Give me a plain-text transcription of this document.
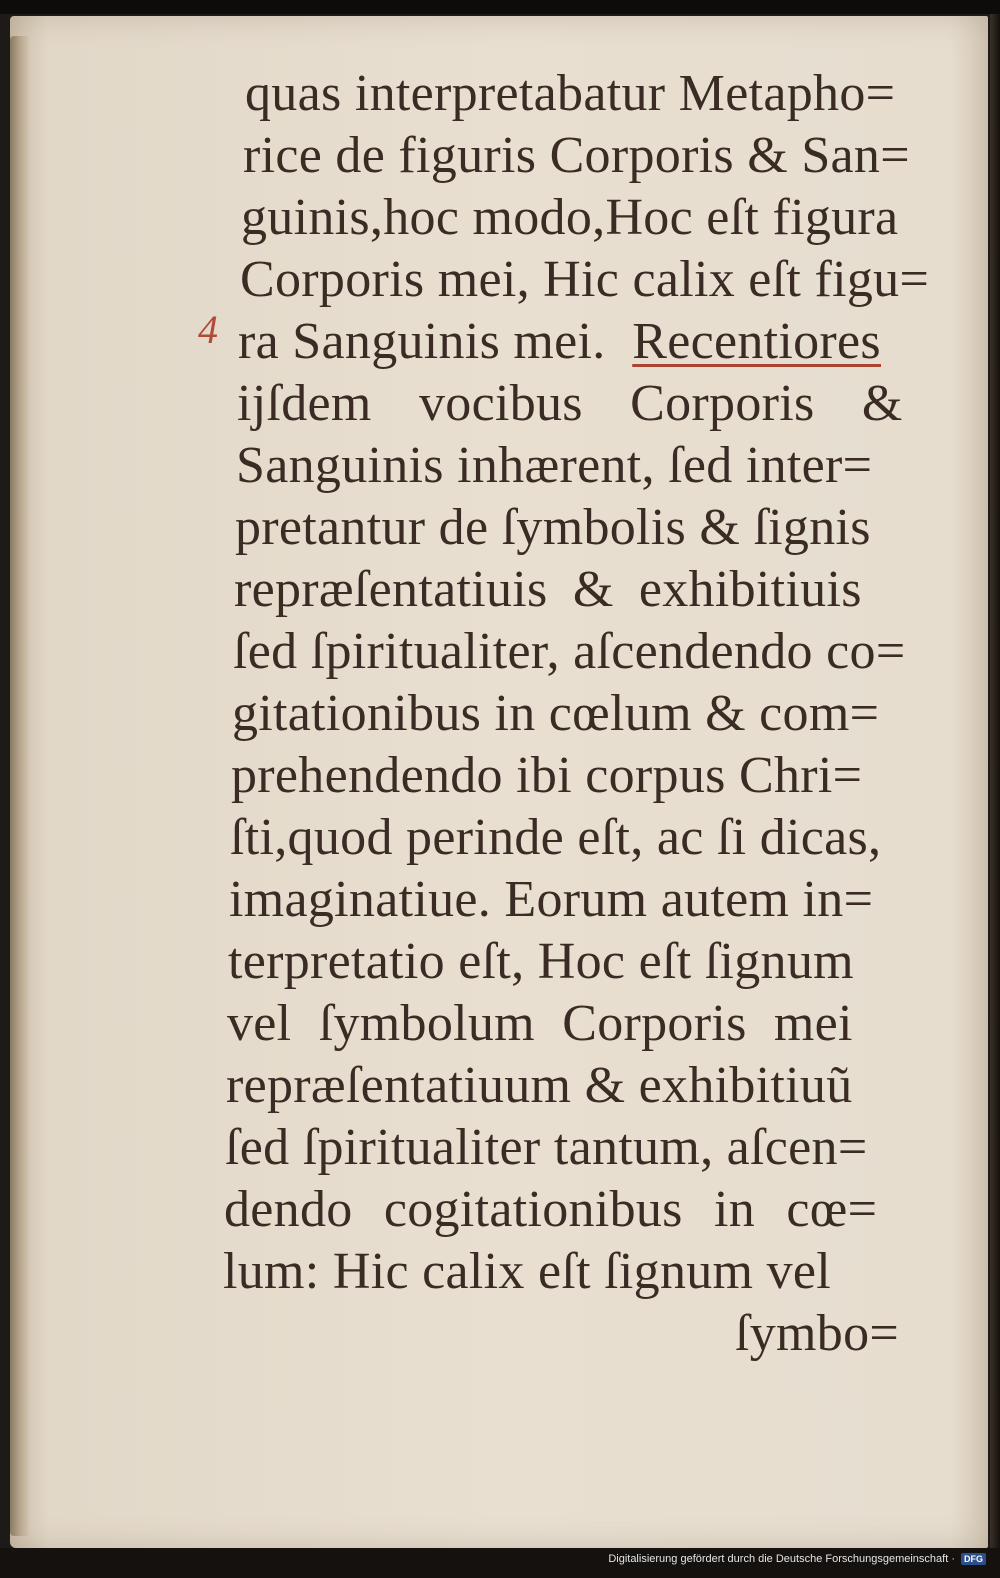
quas interpretabatur Metapho=

rice de figuris Corporis & San=

guinis,hoc modo,Hoc eſt figura

Corporis mei, Hic calix eſt figu=

ra Sanguinis mei. Recentiores

ijſdem vocibus Corporis &

Sanguinis inhærent, ſed inter=

pretantur de ſymbolis & ſignis

repræſentatiuis & exhibitiuis

ſed ſpiritualiter, aſcendendo co=

gitationibus in cœlum & com=

prehendendo ibi corpus Chri=

ſti,quod perinde eſt, ac ſi dicas,

imaginatiue. Eorum autem in=

terpretatio eſt, Hoc eſt ſignum

vel ſymbolum Corporis mei

repræſentatiuum & exhibitiuũ

ſed ſpiritualiter tantum, aſcen=

dendo cogitationibus in cœ=

lum: Hic calix eſt ſignum vel

ſymbo=

4
Digitalisierung gefördert durch die Deutsche Forschungsgemeinschaft ·	DFG
